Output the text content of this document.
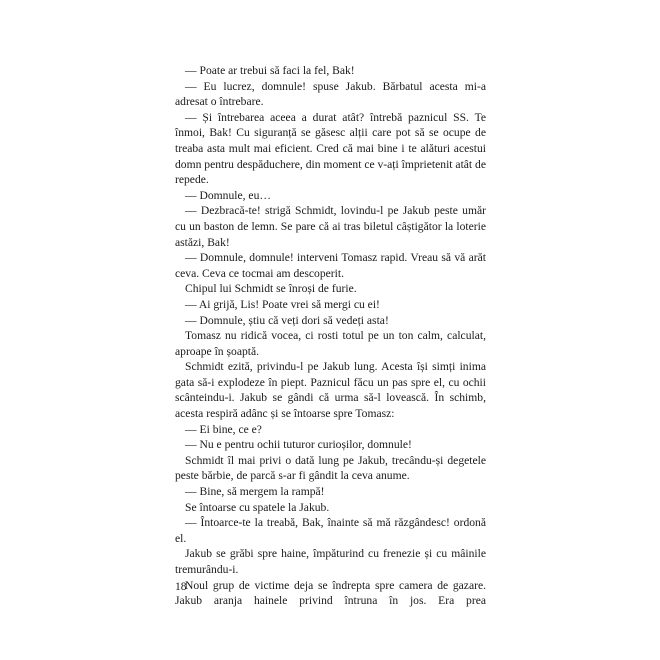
— Poate ar trebui să faci la fel, Bak!

— Eu lucrez, domnule! spuse Jakub. Bărbatul acesta mi-a adresat o întrebare.

— Și întrebarea aceea a durat atât? întrebă paznicul SS. Te înmoi, Bak! Cu siguranță se găsesc alții care pot să se ocupe de treaba asta mult mai eficient. Cred că mai bine i te alături acestui domn pentru despăduchere, din moment ce v-ați împrietenit atât de repede.

— Domnule, eu…

— Dezbracă-te! strigă Schmidt, lovindu-l pe Jakub peste umăr cu un baston de lemn. Se pare că ai tras biletul câștigător la loterie astăzi, Bak!

— Domnule, domnule! interveni Tomasz rapid. Vreau să vă arăt ceva. Ceva ce tocmai am descoperit.

Chipul lui Schmidt se înroși de furie.

— Ai grijă, Lis! Poate vrei să mergi cu ei!

— Domnule, știu că veți dori să vedeți asta!

Tomasz nu ridică vocea, ci rosti totul pe un ton calm, calculat, aproape în șoaptă.

Schmidt ezită, privindu-l pe Jakub lung. Acesta își simți inima gata să-i explodeze în piept. Paznicul făcu un pas spre el, cu ochii scânteindu-i. Jakub se gândi că urma să-l lovească. În schimb, acesta respiră adânc și se întoarse spre Tomasz:

— Ei bine, ce e?

— Nu e pentru ochii tuturor curioșilor, domnule!

Schmidt îl mai privi o dată lung pe Jakub, trecându-și degetele peste bărbie, de parcă s-ar fi gândit la ceva anume.

— Bine, să mergem la rampă!

Se întoarse cu spatele la Jakub.

— Întoarce-te la treabă, Bak, înainte să mă răzgândesc! ordonă el.

Jakub se grăbi spre haine, împăturind cu frenezie și cu mâinile tremurându-i.

Noul grup de victime deja se îndrepta spre camera de gazare. Jakub aranja hainele privind întruna în jos. Era prea

18
